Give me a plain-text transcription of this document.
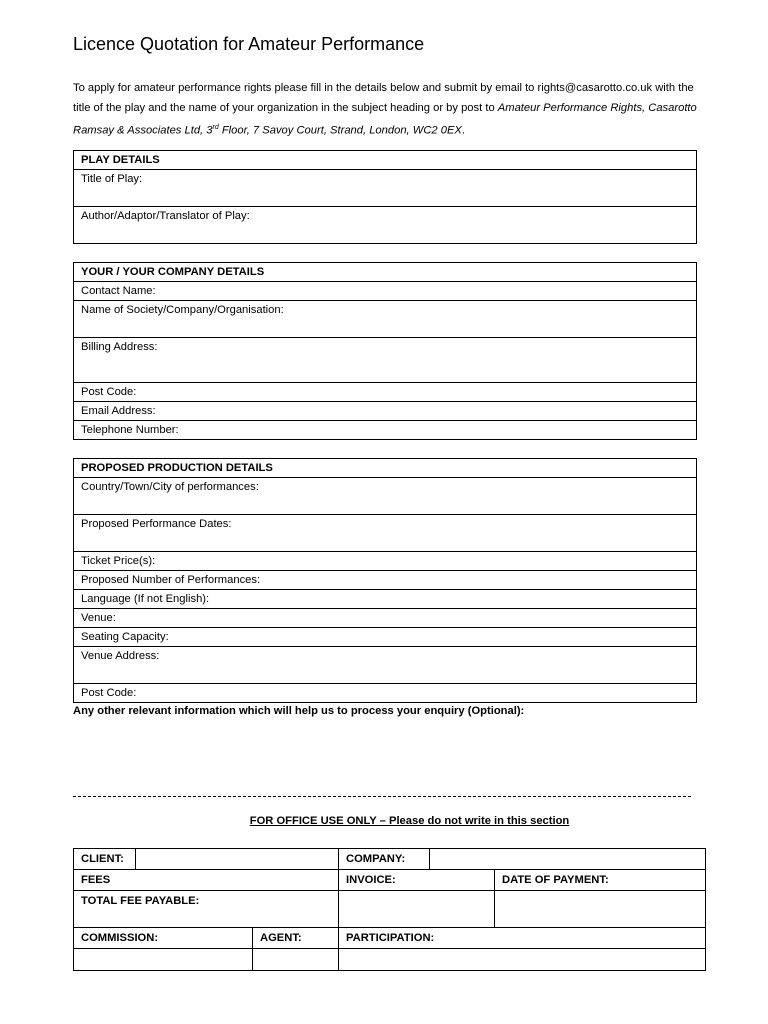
Licence Quotation for Amateur Performance

To apply for amateur performance rights please fill in the details below and submit by email to rights@casarotto.co.uk with the title of the play and the name of your organization in the subject heading or by post to Amateur Performance Rights, Casarotto Ramsay & Associates Ltd, 3rd Floor, 7 Savoy Court, Strand, London, WC2 0EX.

PLAY DETAILS
Title of Play:
Author/Adaptor/Translator of Play:
YOUR / YOUR COMPANY DETAILS
Contact Name:
Name of Society/Company/Organisation:
Billing Address:
Post Code:
Email Address:
Telephone Number:
PROPOSED PRODUCTION DETAILS
Country/Town/City of performances:
Proposed Performance Dates:
Ticket Price(s):
Proposed Number of Performances:
Language (If not English):
Venue:
Seating Capacity:
Venue Address:
Post Code:

Any other relevant information which will help us to process your enquiry (Optional):

FOR OFFICE USE ONLY – Please do not write in this section

CLIENT:			COMPANY:		
FEES			INVOICE:		DATE OF PAYMENT:
TOTAL FEE PAYABLE:					
COMMISSION:		AGENT:	PARTICIPATION:		
